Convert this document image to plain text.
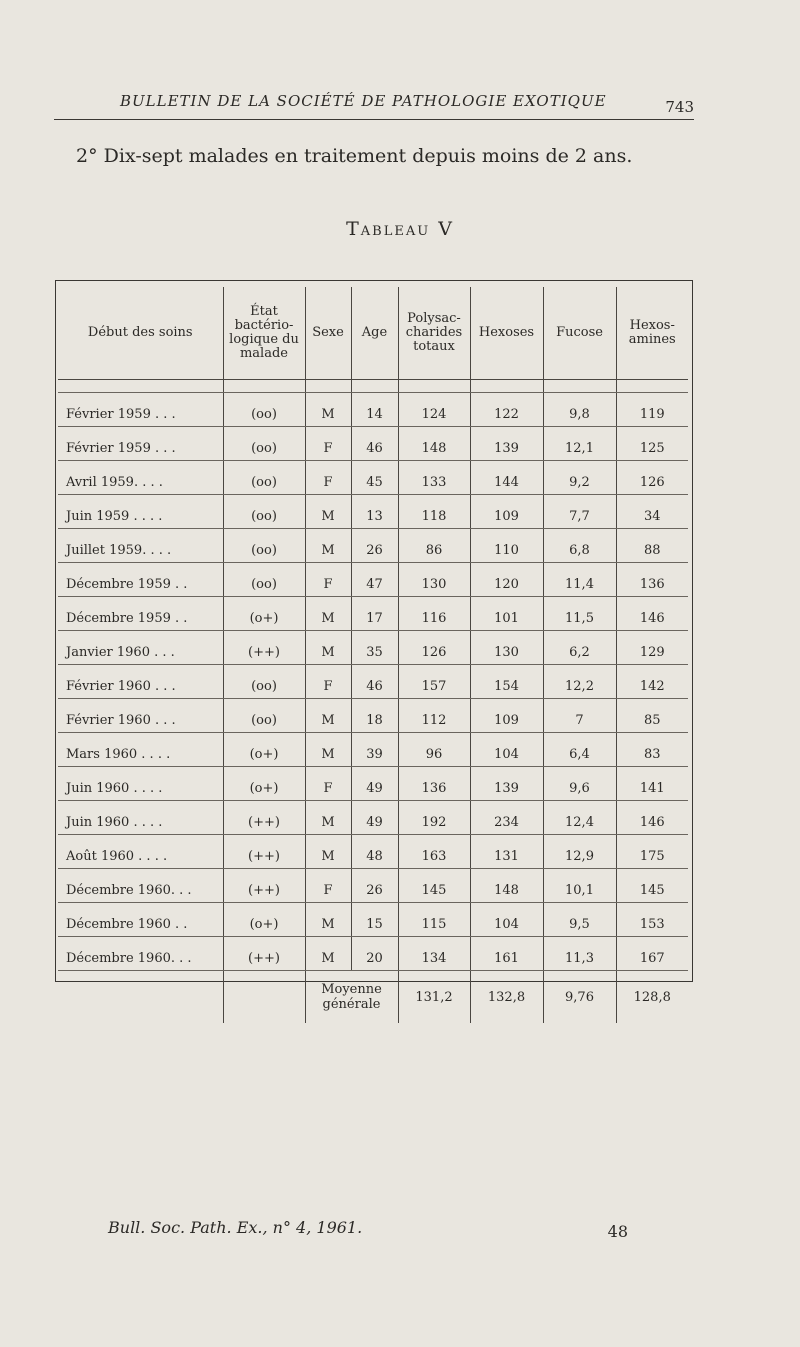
BULLETIN DE LA SOCIÉTÉ DE PATHOLOGIE EXOTIQUE	743
2° Dix-sept malades en traitement depuis moins de 2 ans.
Tableau V
Début des soins	État bactério-logique du malade	Sexe	Age	Polysac-charides totaux	Hexoses	Fucose	Hexos-amines

Février 1959 . . .	(oo)	M	14	124	122	9,8	119
Février 1959 . . .	(oo)	F	46	148	139	12,1	125
Avril 1959. . . .	(oo)	F	45	133	144	9,2	126
Juin 1959 . . . .	(oo)	M	13	118	109	7,7	34
Juillet 1959. . . .	(oo)	M	26	86	110	6,8	88
Décembre 1959 . .	(oo)	F	47	130	120	11,4	136
Décembre 1959 . .	(o+)	M	17	116	101	11,5	146
Janvier 1960 . . .	(++)	M	35	126	130	6,2	129
Février 1960 . . .	(oo)	F	46	157	154	12,2	142
Février 1960 . . .	(oo)	M	18	112	109	7	85
Mars 1960 . . . .	(o+)	M	39	96	104	6,4	83
Juin 1960 . . . .	(o+)	F	49	136	139	9,6	141
Juin 1960 . . . .	(++)	M	49	192	234	12,4	146
Août 1960 . . . .	(++)	M	48	163	131	12,9	175
Décembre 1960. . .	(++)	F	26	145	148	10,1	145
Décembre 1960 . .	(o+)	M	15	115	104	9,5	153
Décembre 1960. . .	(++)	M	20	134	161	11,3	167
		Moyenne générale		131,2	132,8	9,76	128,8
Bull. Soc. Path. Ex., n° 4, 1961.	48
